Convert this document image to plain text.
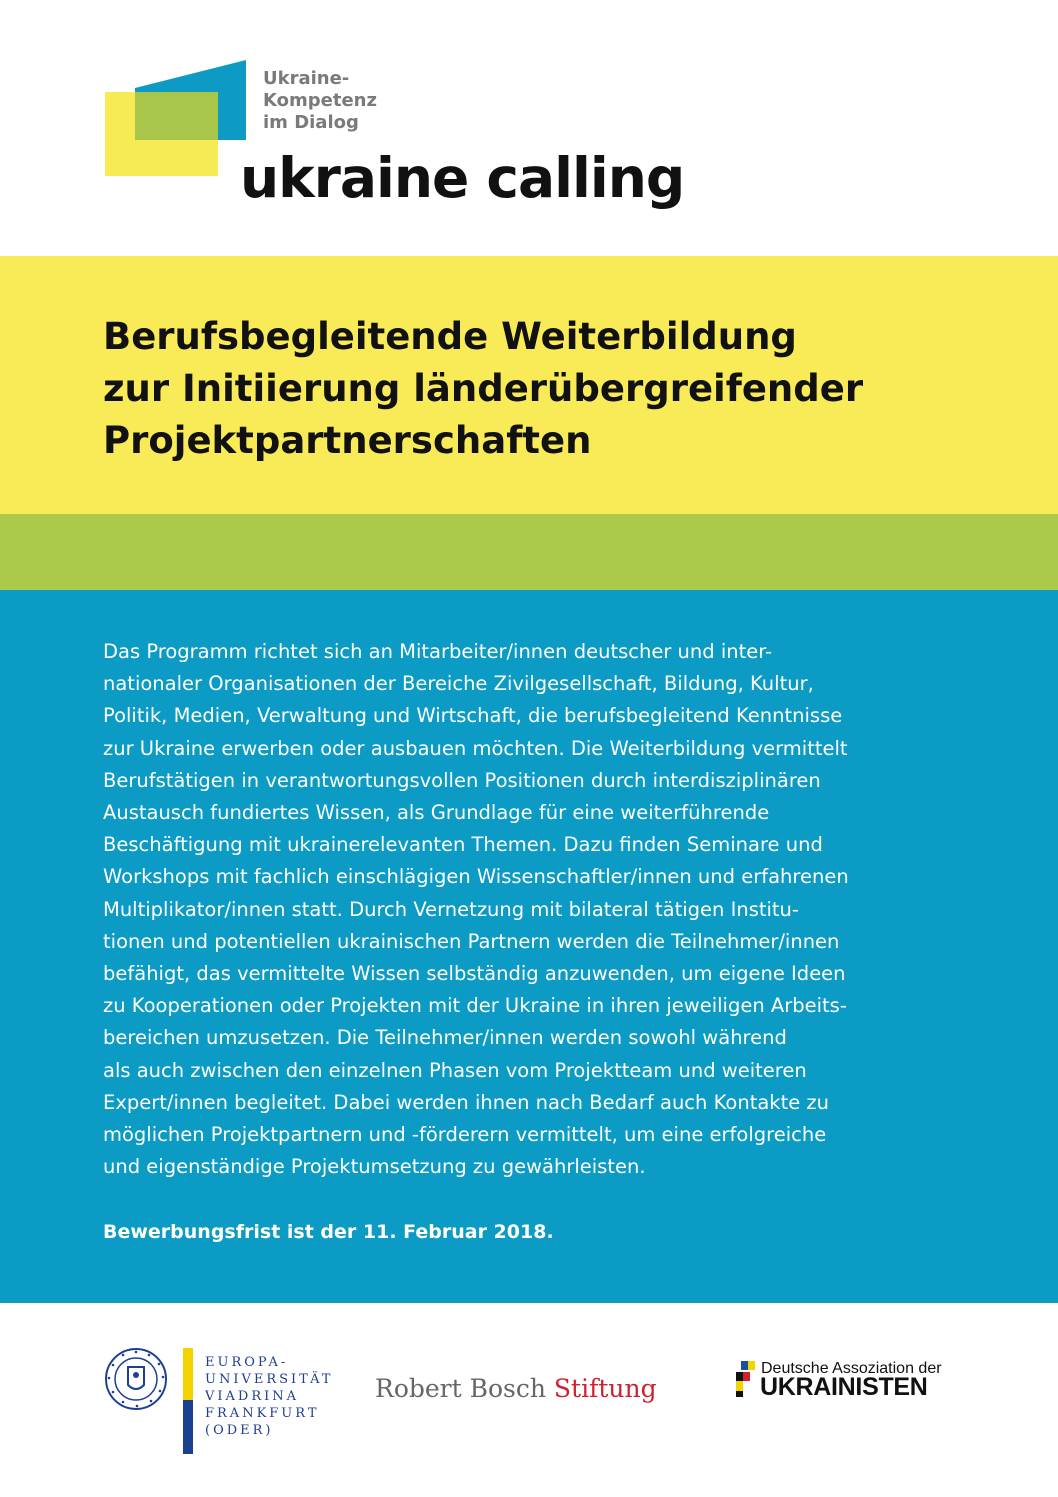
Ukraine-
Kompetenz
im Dialog
ukraine calling
Berufsbegleitende Weiterbildung
zur Initiierung länderübergreifender
Projektpartnerschaften
Das Programm richtet sich an Mitarbeiter/innen deutscher und inter-
nationaler Organisationen der Bereiche Zivilgesellschaft, Bildung, Kultur,
Politik, Medien, Verwaltung und Wirtschaft, die berufsbegleitend Kenntnisse
zur Ukraine erwerben oder ausbauen möchten. Die Weiterbildung vermittelt
Berufstätigen in verantwortungsvollen Positionen durch interdisziplinären
Austausch fundiertes Wissen, als Grundlage für eine weiterführende
Beschäftigung mit ukrainerelevanten Themen. Dazu finden Seminare und
Workshops mit fachlich einschlägigen Wissenschaftler/innen und erfahrenen
Multiplikator/innen statt. Durch Vernetzung mit bilateral tätigen Institu-
tionen und potentiellen ukrainischen Partnern werden die Teilnehmer/innen
befähigt, das vermittelte Wissen selbständig anzuwenden, um eigene Ideen
zu Kooperationen oder Projekten mit der Ukraine in ihren jeweiligen Arbeits-
bereichen umzusetzen. Die Teilnehmer/innen werden sowohl während
als auch zwischen den einzelnen Phasen vom Projektteam und weiteren
Expert/innen begleitet. Dabei werden ihnen nach Bedarf auch Kontakte zu
möglichen Projektpartnern und -förderern vermittelt, um eine erfolgreiche
und eigenständige Projektumsetzung zu gewährleisten.
Bewerbungsfrist ist der 11. Februar 2018.
EUROPA-
UNIVERSITÄT
VIADRINA
FRANKFURT
(ODER)
Robert Bosch Stiftung
Deutsche Assoziation der
UKRAINISTEN
